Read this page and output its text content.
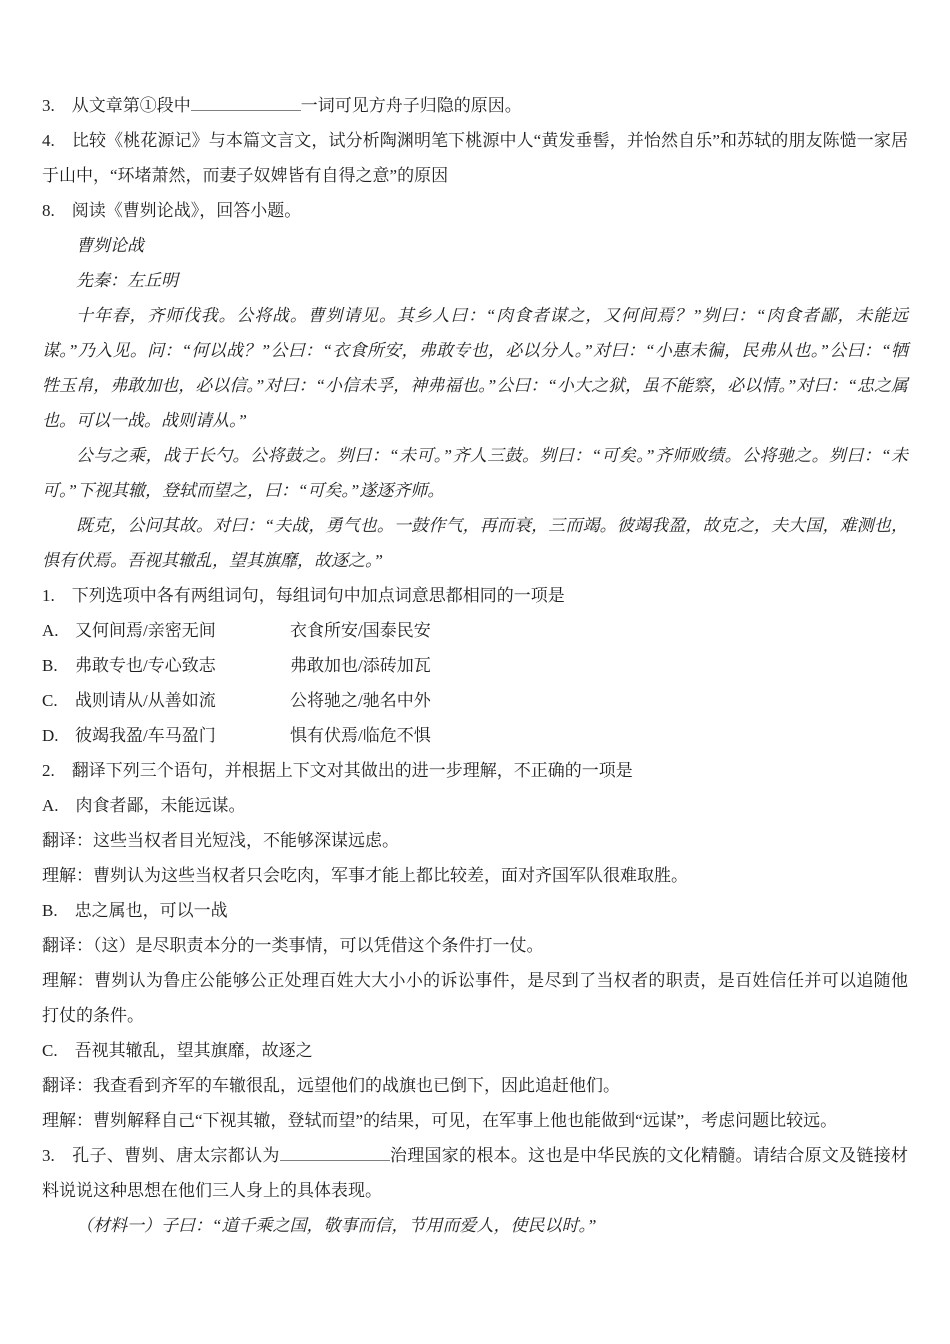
3.　从文章第①段中	一词可见方舟子归隐的原因。
4.　比较《桃花源记》与本篇文言文，试分析陶渊明笔下桃源中人“黄发垂髻，并怡然自乐”和苏轼的朋友陈慥一家居于山中，“环堵萧然，而妻子奴婢皆有自得之意”的原因
8.　阅读《曹刿论战》，回答小题。
曹刿论战
先秦：左丘明
十年春，齐师伐我。公将战。曹刿请见。其乡人曰：“肉食者谋之，又何间焉？”刿曰：“肉食者鄙，未能远谋。”乃入见。问：“何以战？”公曰：“衣食所安，弗敢专也，必以分人。”对曰：“小惠未徧，民弗从也。”公曰：“牺牲玉帛，弗敢加也，必以信。”对曰：“小信未孚，神弗福也。”公曰：“小大之狱，虽不能察，必以情。”对曰：“忠之属也。可以一战。战则请从。”
公与之乘，战于长勺。公将鼓之。刿曰：“未可。”齐人三鼓。刿曰：“可矣。”齐师败绩。公将驰之。刿曰：“未可。”下视其辙，登轼而望之，曰：“可矣。”遂逐齐师。
既克，公问其故。对曰：“夫战，勇气也。一鼓作气，再而衰，三而竭。彼竭我盈，故克之，夫大国，难测也，惧有伏焉。吾视其辙乱，望其旗靡，故逐之。”
1.　下列选项中各有两组词句，每组词句中加点词意思都相同的一项是
A. 又何间焉/亲密无间	衣食所安/国泰民安
B. 弗敢专也/专心致志	弗敢加也/添砖加瓦
C. 战则请从/从善如流	公将驰之/驰名中外
D. 彼竭我盈/车马盈门	惧有伏焉/临危不惧
2.　翻译下列三个语句，并根据上下文对其做出的进一步理解，不正确的一项是
A.　肉食者鄙，未能远谋。
翻译：这些当权者目光短浅，不能够深谋远虑。
理解：曹刿认为这些当权者只会吃肉，军事才能上都比较差，面对齐国军队很难取胜。
B.　忠之属也，可以一战
翻译：（这）是尽职责本分的一类事情，可以凭借这个条件打一仗。
理解：曹刿认为鲁庄公能够公正处理百姓大大小小的诉讼事件，是尽到了当权者的职责，是百姓信任并可以追随他打仗的条件。
C.　吾视其辙乱，望其旗靡，故逐之
翻译：我查看到齐军的车辙很乱，远望他们的战旗也已倒下，因此追赶他们。
理解：曹刿解释自己“下视其辙，登轼而望”的结果，可见，在军事上他也能做到“远谋”，考虑问题比较远。
3.　孔子、曹刿、唐太宗都认为	治理国家的根本。这也是中华民族的文化精髓。请结合原文及链接材料说说这种思想在他们三人身上的具体表现。
（材料一）子曰：“道千乘之国，敬事而信，节用而爱人，使民以时。”
